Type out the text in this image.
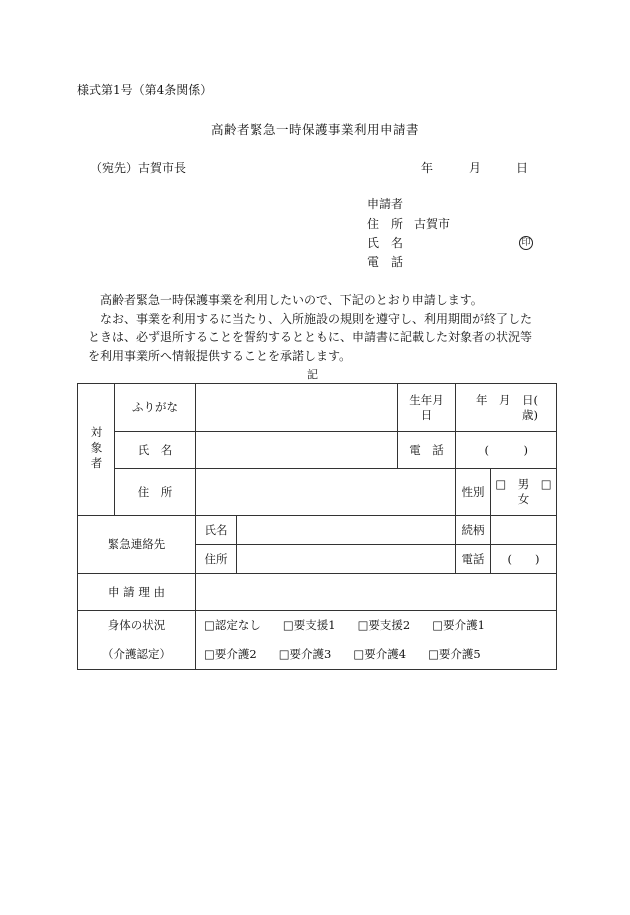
様式第1号（第4条関係）
高齢者緊急一時保護事業利用申請書
（宛先）古賀市長	年	月	日
申請者
住　所 古賀市
氏　名	印
電　話

高齢者緊急一時保護事業を利用したいので、下記のとおり申請します。

なお、事業を利用するに当たり、入所施設の規則を遵守し、利用期間が終了したときは、必ず退所することを誓約するとともに、申請書に記載した対象者の状況等を利用事業所へ情報提供することを承諾します。

記
対象者	ふりがな			生年月日	年　月　日(　歳)	
	氏　名			電　話	(　　　)	
	住　所				性別	□　男　□　女
緊急連絡先		氏名			続柄	
		住所			電話	(　　)
申 請 理 由						
身体の状況		□認定なし □要支援1 □要支援2 □要介護1				
（介護認定）		□要介護2 □要介護3 □要介護4 □要介護5				
